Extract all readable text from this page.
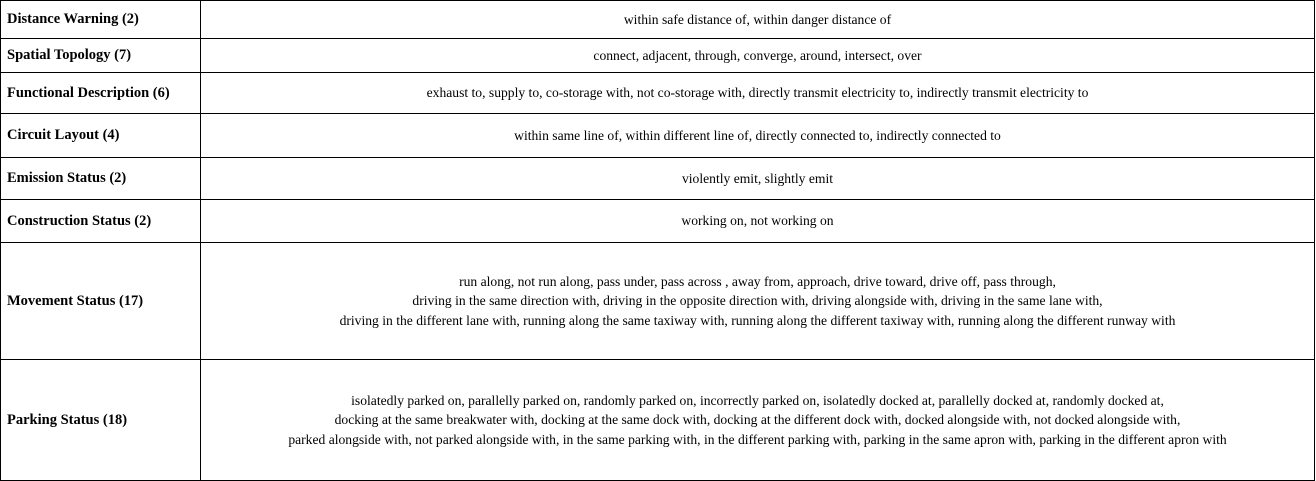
Distance Warning (2)	within safe distance of, within danger distance of

Spatial Topology (7)	connect, adjacent, through, converge, around, intersect, over

Functional Description (6)	exhaust to, supply to, co-storage with, not co-storage with, directly transmit electricity to, indirectly transmit electricity to

Circuit Layout (4)	within same line of, within different line of, directly connected to, indirectly connected to

Emission Status (2)	violently emit, slightly emit

Construction Status (2)	working on, not working on

Movement Status (17)	run along, not run along, pass under, pass across , away from, approach, drive toward, drive off, pass through,
driving in the same direction with, driving in the opposite direction with, driving alongside with, driving in the same lane with,
driving in the different lane with, running along the same taxiway with, running along the different taxiway with, running along the different runway with

Parking Status (18)	isolatedly parked on, parallelly parked on, randomly parked on, incorrectly parked on, isolatedly docked at, parallelly docked at, randomly docked at,
docking at the same breakwater with, docking at the same dock with, docking at the different dock with, docked alongside with, not docked alongside with,
parked alongside with, not parked alongside with, in the same parking with, in the different parking with, parking in the same apron with, parking in the different apron with
